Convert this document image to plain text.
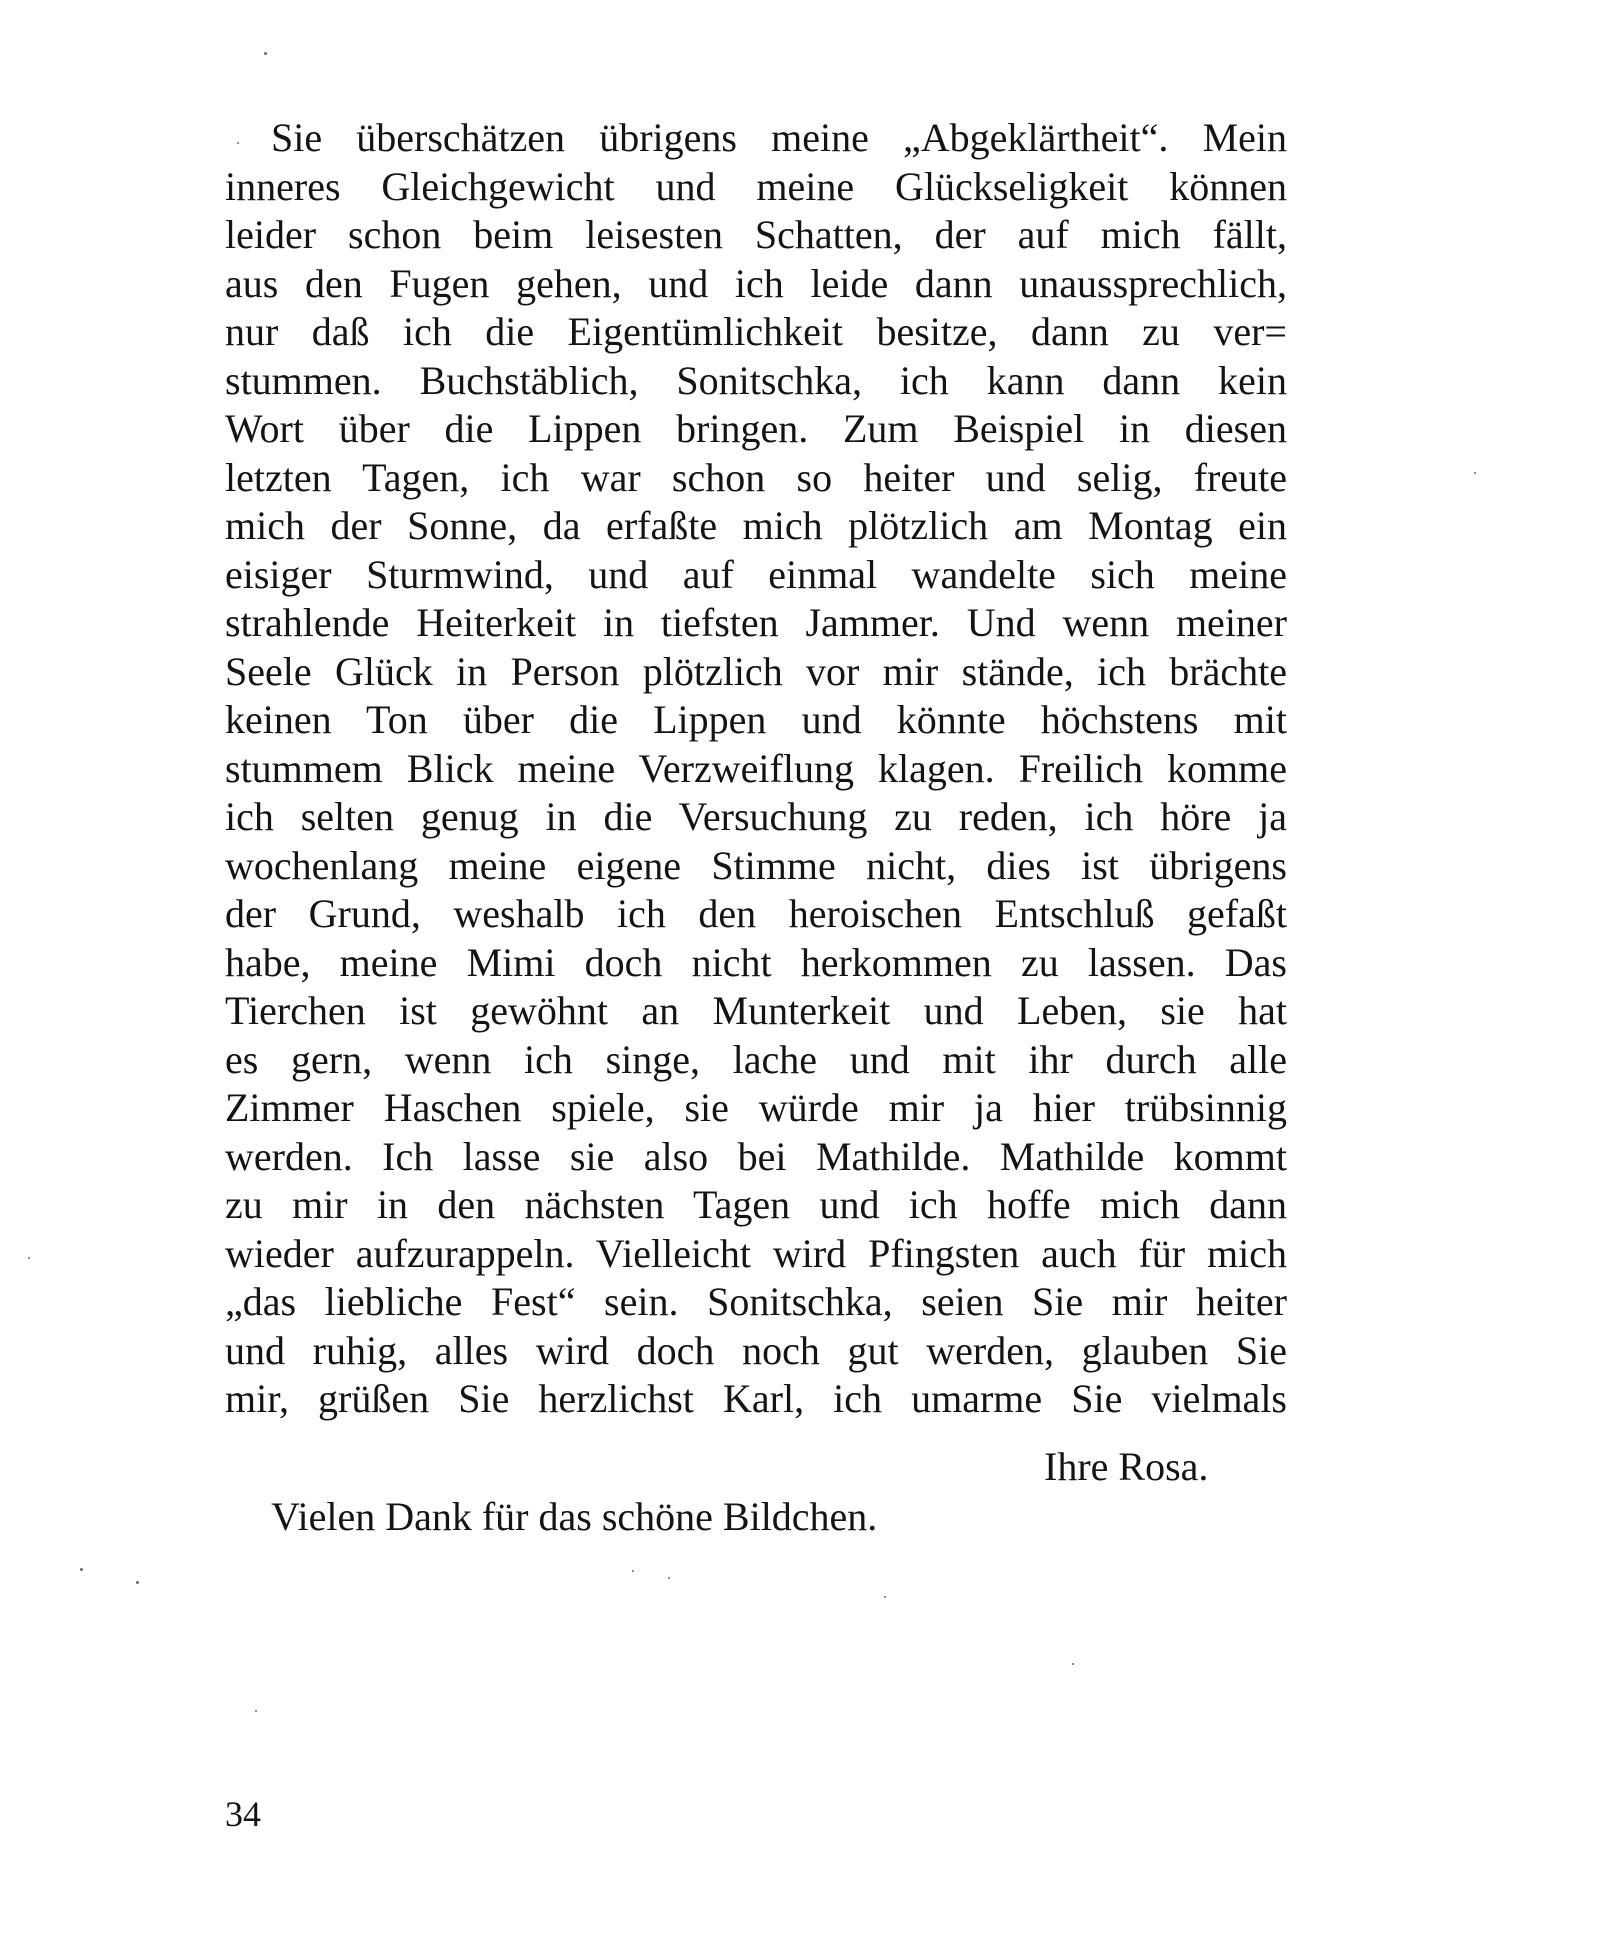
Sie überschätzen übrigens meine „Abgeklärtheit“. Mein
inneres Gleichgewicht und meine Glückseligkeit können
leider schon beim leisesten Schatten, der auf mich fällt,
aus den Fugen gehen, und ich leide dann unaussprechlich,
nur daß ich die Eigentümlichkeit besitze, dann zu ver=
stummen. Buchstäblich, Sonitschka, ich kann dann kein
Wort über die Lippen bringen. Zum Beispiel in diesen
letzten Tagen, ich war schon so heiter und selig, freute
mich der Sonne, da erfaßte mich plötzlich am Montag ein
eisiger Sturmwind, und auf einmal wandelte sich meine
strahlende Heiterkeit in tiefsten Jammer. Und wenn meiner
Seele Glück in Person plötzlich vor mir stände, ich brächte
keinen Ton über die Lippen und könnte höchstens mit
stummem Blick meine Verzweiflung klagen. Freilich komme
ich selten genug in die Versuchung zu reden, ich höre ja
wochenlang meine eigene Stimme nicht, dies ist übrigens
der Grund, weshalb ich den heroischen Entschluß gefaßt
habe, meine Mimi doch nicht herkommen zu lassen. Das
Tierchen ist gewöhnt an Munterkeit und Leben, sie hat
es gern, wenn ich singe, lache und mit ihr durch alle
Zimmer Haschen spiele, sie würde mir ja hier trübsinnig
werden. Ich lasse sie also bei Mathilde. Mathilde kommt
zu mir in den nächsten Tagen und ich hoffe mich dann
wieder aufzurappeln. Vielleicht wird Pfingsten auch für mich
„das liebliche Fest“ sein. Sonitschka, seien Sie mir heiter
und ruhig, alles wird doch noch gut werden, glauben Sie
mir, grüßen Sie herzlichst Karl, ich umarme Sie vielmals
Ihre Rosa.
Vielen Dank für das schöne Bildchen.
34
